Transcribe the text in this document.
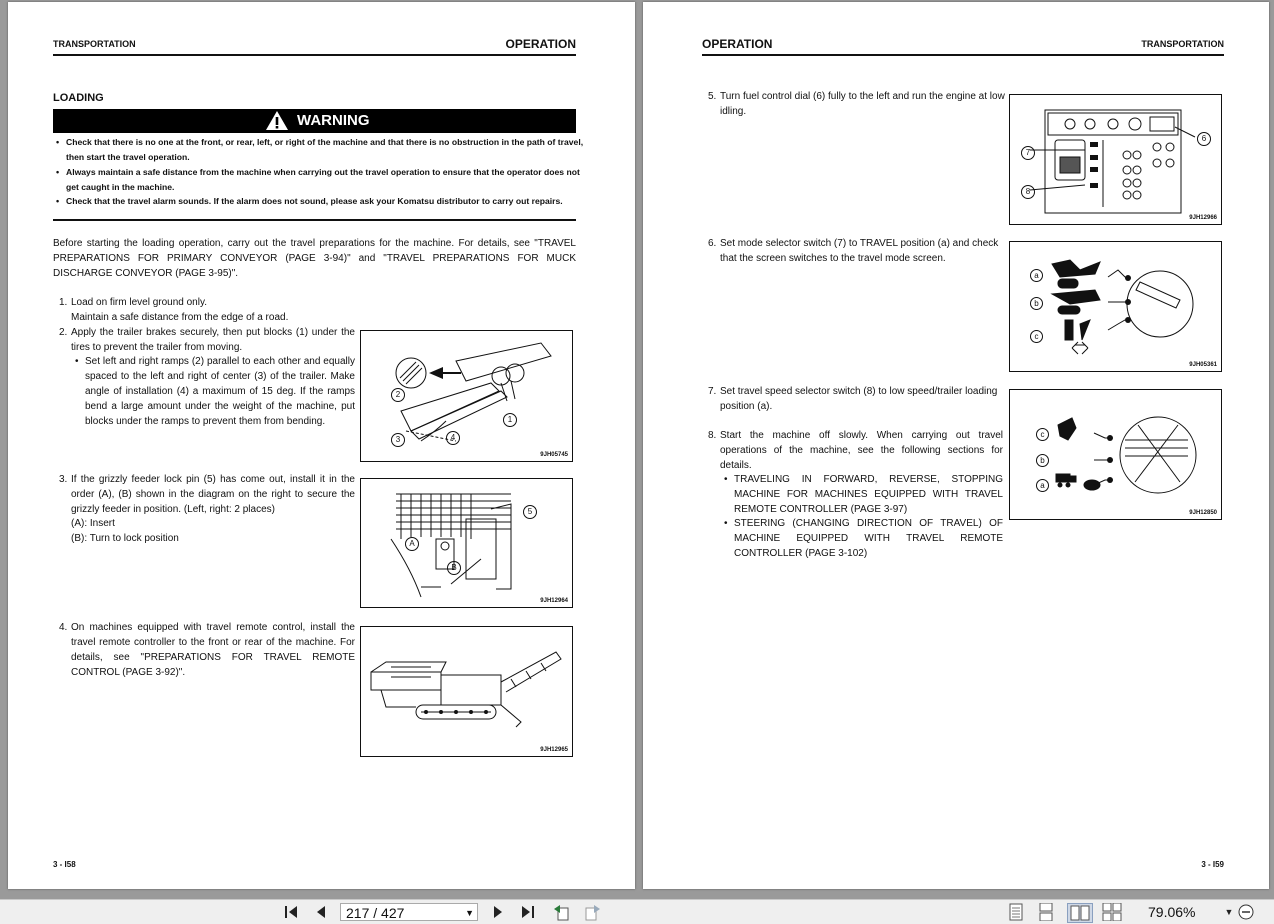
TRANSPORTATION	OPERATION
LOADING
WARNING
• Check that there is no one at the front, or rear, left, or right of the machine and that there is no obstruction in the path of travel,
then start the travel operation.
• Always maintain a safe distance from the machine when carrying out the travel operation to ensure that the operator does not
get caught in the machine.
• Check that the travel alarm sounds. If the alarm does not sound, please ask your Komatsu distributor to carry out repairs.
Before starting the loading operation, carry out the travel preparations for the machine. For details, see "TRAVEL PREPARATIONS FOR PRIMARY CONVEYOR (PAGE 3-94)" and "TRAVEL PREPARATIONS FOR MUCK DISCHARGE CONVEYOR (PAGE 3-95)".
1. Load on firm level ground only.
Maintain a safe distance from the edge of a road.
2. Apply the trailer brakes securely, then put blocks (1) under the tires to prevent the trailer from moving.
• Set left and right ramps (2) parallel to each other and equally spaced to the left and right of center (3) of the trailer. Make angle of installation (4) a maximum of 15 deg. If the ramps bend a large amount under the weight of the machine, put blocks under the ramps to prevent them from bending.
2
1
3	4
9JH05745
3. If the grizzly feeder lock pin (5) has come out, install it in the order (A), (B) shown in the diagram on the right to secure the grizzly feeder in position. (Left, right: 2 places)
(A): Insert
(B): Turn to lock position
5
A
B
9JH12964
4. On machines equipped with travel remote control, install the travel remote controller to the front or rear of the machine. For details, see "PREPARATIONS FOR TRAVEL REMOTE CONTROL (PAGE 3-92)".
9JH12965
3 - I58
OPERATION	TRANSPORTATION
5. Turn fuel control dial (6) fully to the left and run the engine at low idling.
6
7
8
9JH12966
6. Set mode selector switch (7) to TRAVEL position (a) and check that the screen switches to the travel mode screen.
a
b
c
9JH05361
7. Set travel speed selector switch (8) to low speed/trailer loading position (a).
c
b
a
9JH12850
8. Start the machine off slowly. When carrying out travel operations of the machine, see the following sections for details.
• TRAVELING IN FORWARD, REVERSE, STOPPING MACHINE FOR MACHINES EQUIPPED WITH TRAVEL REMOTE CONTROLLER (PAGE 3-97)
• STEERING (CHANGING DIRECTION OF TRAVEL) OF MACHINE EQUIPPED WITH TRAVEL REMOTE CONTROLLER (PAGE 3-102)
3 - I59
217 / 427	▼	79.06%	▼
